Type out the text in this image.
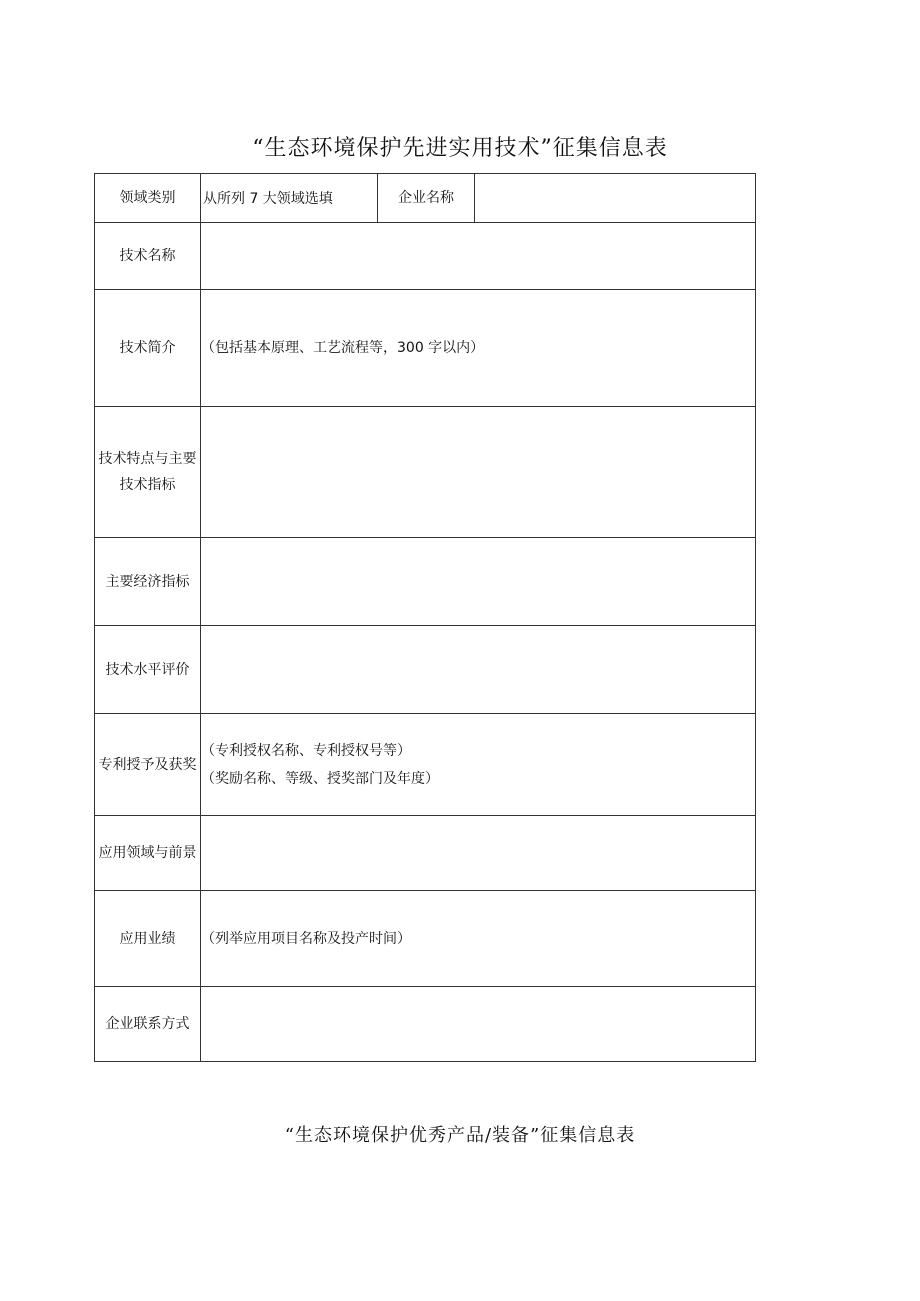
“生态环境保护先进实用技术”征集信息表
领域类别	从所列 7 大领域选填	企业名称	
技术名称			
技术简介	（包括基本原理、工艺流程等，300 字以内）		

技术特点与主要技术指标			
主要经济指标			
技术水平评价			
专利授予及获奖	（专利授权名称、专利授权号等）
（奖励名称、等级、授奖部门及年度）		

应用领域与前景			
应用业绩	（列举应用项目名称及投产时间）		

企业联系方式			
“生态环境保护优秀产品/装备”征集信息表
